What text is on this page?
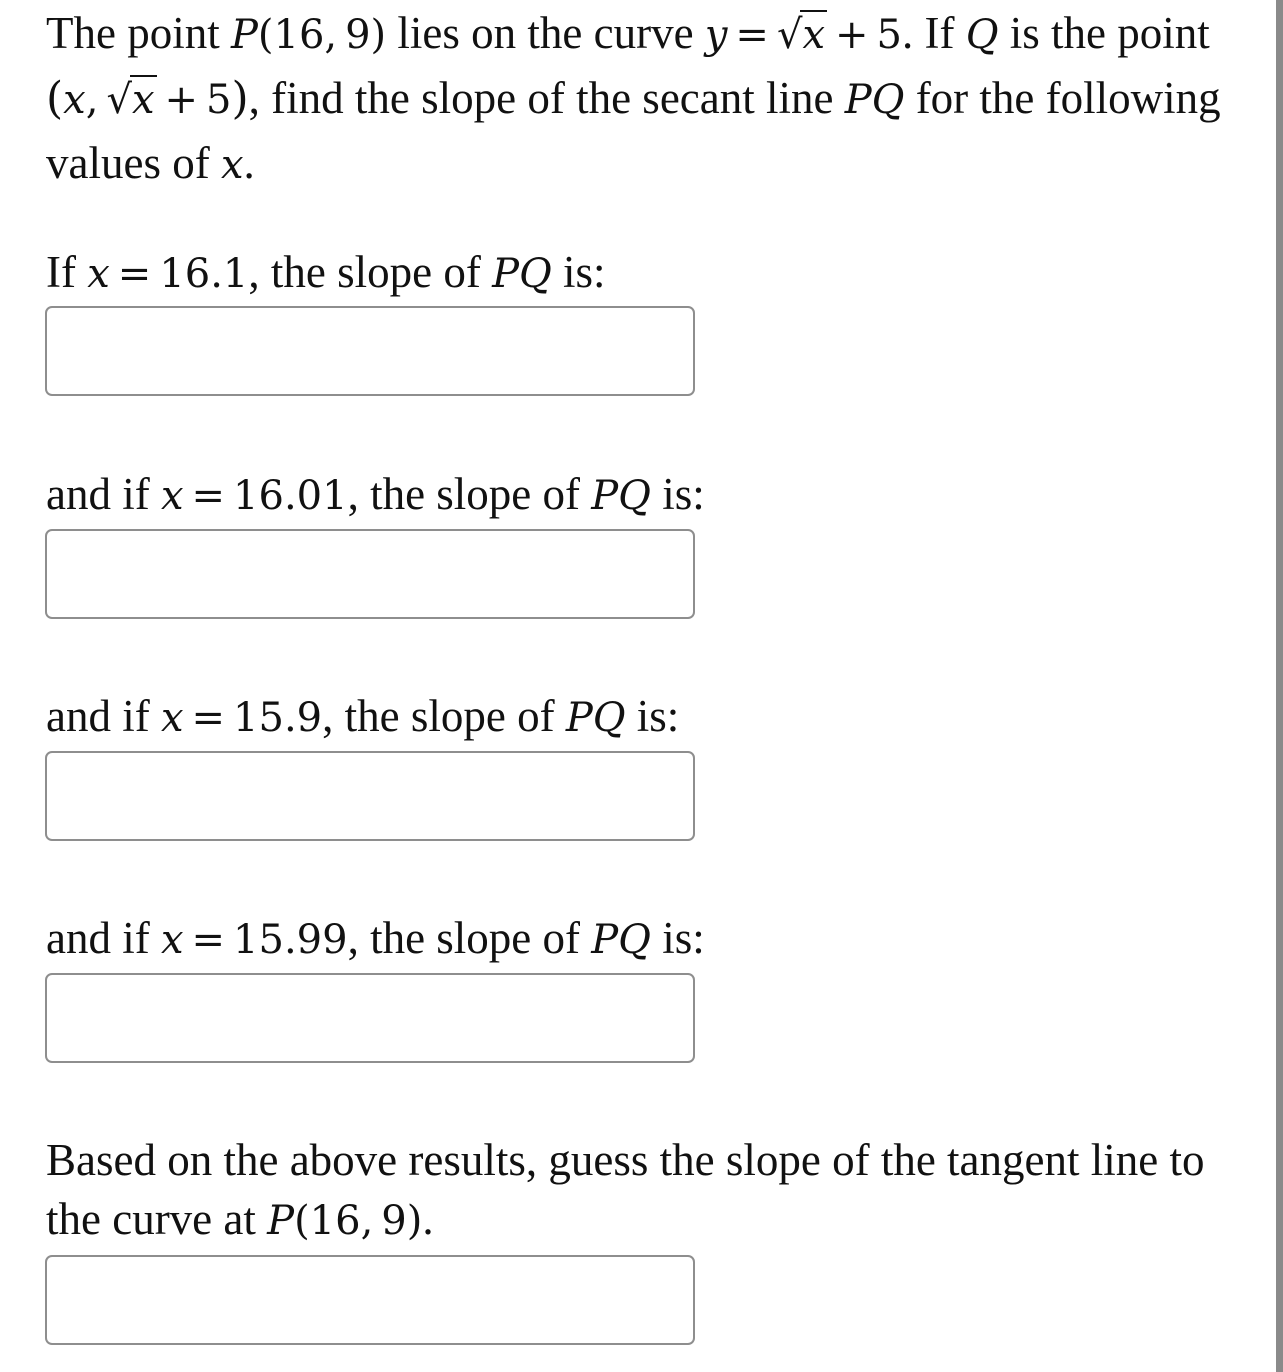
The point P(16, 9) lies on the curve y = √x + 5. If Q is the point (x, √x + 5), find the slope of the secant line PQ for the following values of x.

If x = 16.1, the slope of PQ is:
and if x = 16.01, the slope of PQ is:
and if x = 15.9, the slope of PQ is:
and if x = 15.99, the slope of PQ is:

Based on the above results, guess the slope of the tangent line to the curve at P(16, 9).
